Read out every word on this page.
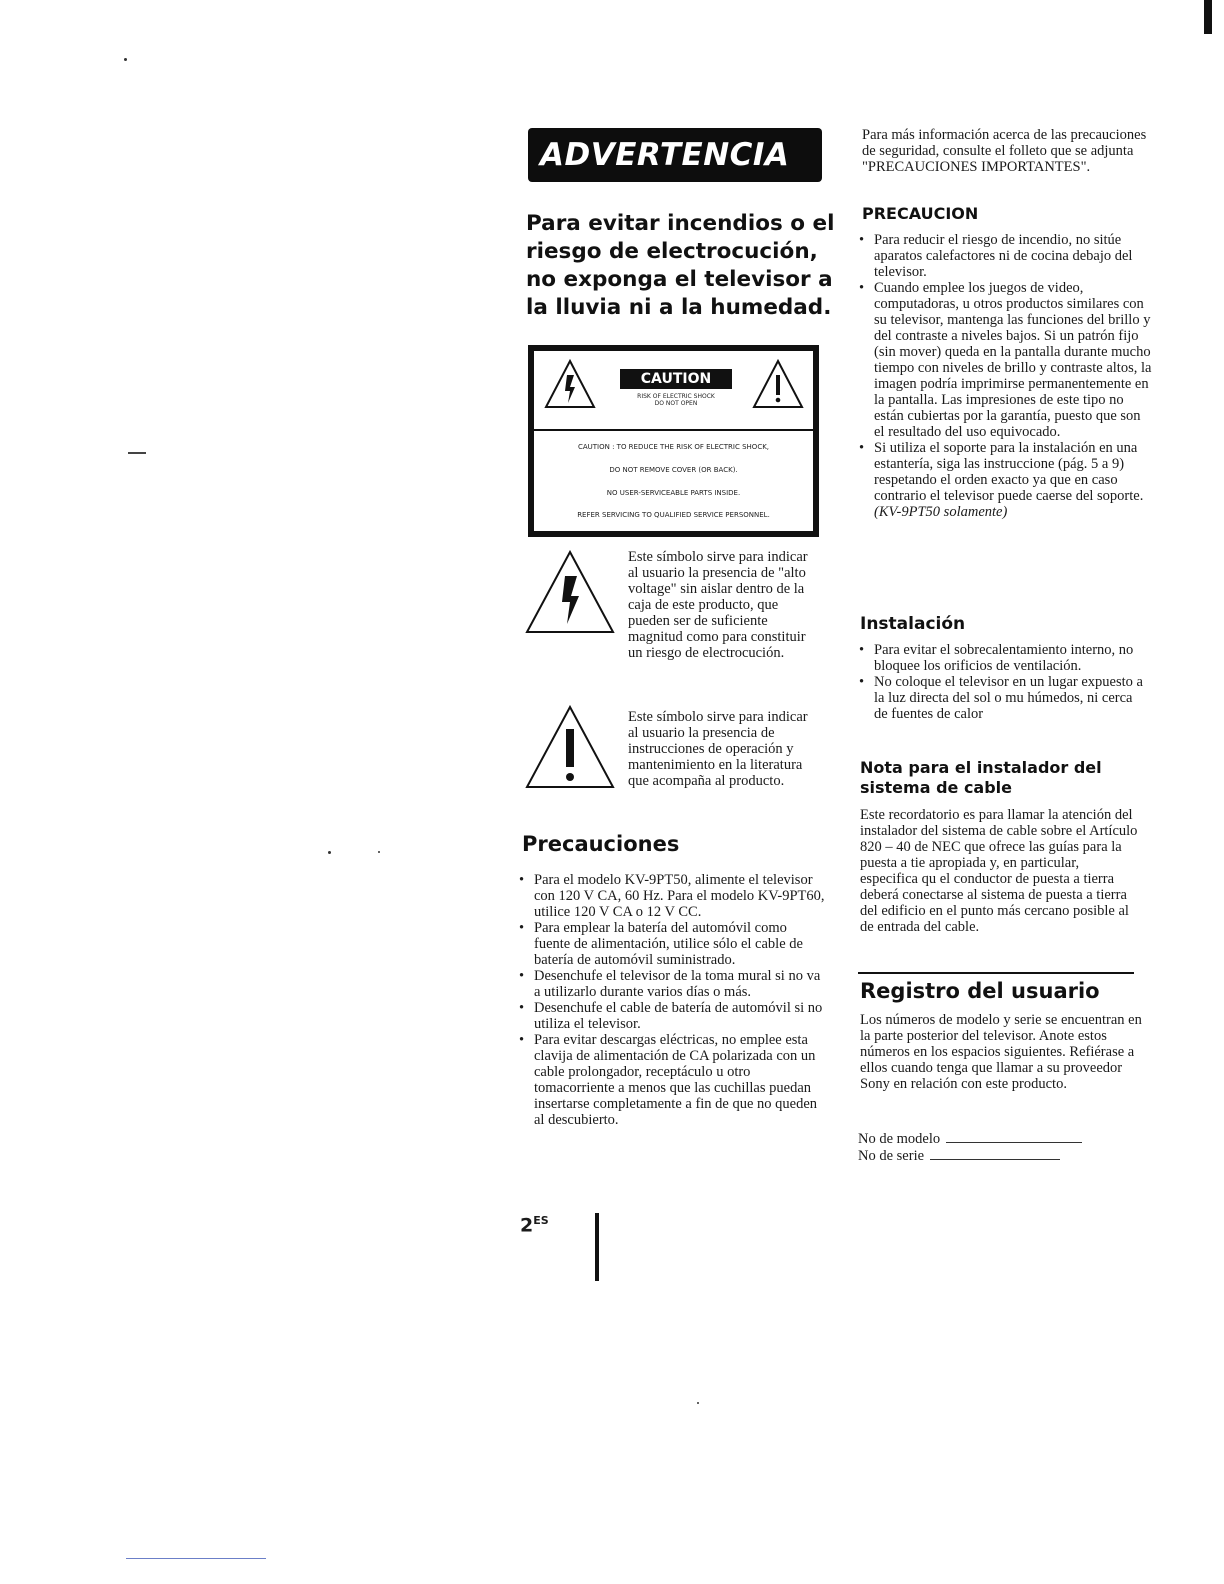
ADVERTENCIA
Para evitar incendios o el riesgo de electrocución, no exponga el televisor a la lluvia ni a la humedad.
CAUTION
RISK OF ELECTRIC SHOCK
DO NOT OPEN
CAUTION : TO REDUCE THE RISK OF ELECTRIC SHOCK,
DO NOT REMOVE COVER (OR BACK).
NO USER-SERVICEABLE PARTS INSIDE.
REFER SERVICING TO QUALIFIED SERVICE PERSONNEL.
Este símbolo sirve para indicar al usuario la presencia de "alto voltage" sin aislar dentro de la caja de este producto, que pueden ser de suficiente magnitud como para constituir un riesgo de electrocución.
Este símbolo sirve para indicar al usuario la presencia de instrucciones de operación y mantenimiento en la literatura que acompaña al producto.
Precauciones
• Para el modelo KV-9PT50, alimente el televisor con 120 V CA, 60 Hz. Para el modelo KV-9PT60, utilice 120 V CA o 12 V CC.
• Para emplear la batería del automóvil como fuente de alimentación, utilice sólo el cable de batería de automóvil suministrado.
• Desenchufe el televisor de la toma mural si no va a utilizarlo durante varios días o más.
• Desenchufe el cable de batería de automóvil si no utiliza el televisor.
• Para evitar descargas eléctricas, no emplee esta clavija de alimentación de CA polarizada con un cable prolongador, receptáculo u otro tomacorriente a menos que las cuchillas puedan insertarse completamente a fin de que no queden al descubierto.
$2^{ES}$
Para más información acerca de las precauciones de seguridad, consulte el folleto que se adjunta "PRECAUCIONES IMPORTANTES".
PRECAUCION
• Para reducir el riesgo de incendio, no sitúe aparatos calefactores ni de cocina debajo del televisor.
• Cuando emplee los juegos de video, computadoras, u otros productos similares con su televisor, mantenga las funciones del brillo y del contraste a niveles bajos. Si un patrón fijo (sin mover) queda en la pantalla durante mucho tiempo con niveles de brillo y contraste altos, la imagen podría imprimirse permanentemente en la pantalla. Las impresiones de este tipo no están cubiertas por la garantía, puesto que son el resultado del uso equivocado.
• Si utiliza el soporte para la instalación en una estantería, siga las instruccione (pág. 5 a 9) respetando el orden exacto ya que en caso contrario el televisor puede caerse del soporte. (KV-9PT50 solamente)
Instalación
• Para evitar el sobrecalentamiento interno, no bloquee los orificios de ventilación.
• No coloque el televisor en un lugar expuesto a la luz directa del sol o mu húmedos, ni cerca de fuentes de calor
Nota para el instalador del sistema de cable
Este recordatorio es para llamar la atención del instalador del sistema de cable sobre el Artículo 820 – 40 de NEC que ofrece las guías para la puesta a tie apropiada y, en particular, especifica qu el conductor de puesta a tierra deberá conectarse al sistema de puesta a tierra del edificio en el punto más cercano posible al de entrada del cable.
Registro del usuario
Los números de modelo y serie se encuentran en la parte posterior del televisor. Anote estos números en los espacios siguientes. Refiérase a ellos cuando tenga que llamar a su proveedor Sony en relación con este producto.
No de modelo
No de serie
